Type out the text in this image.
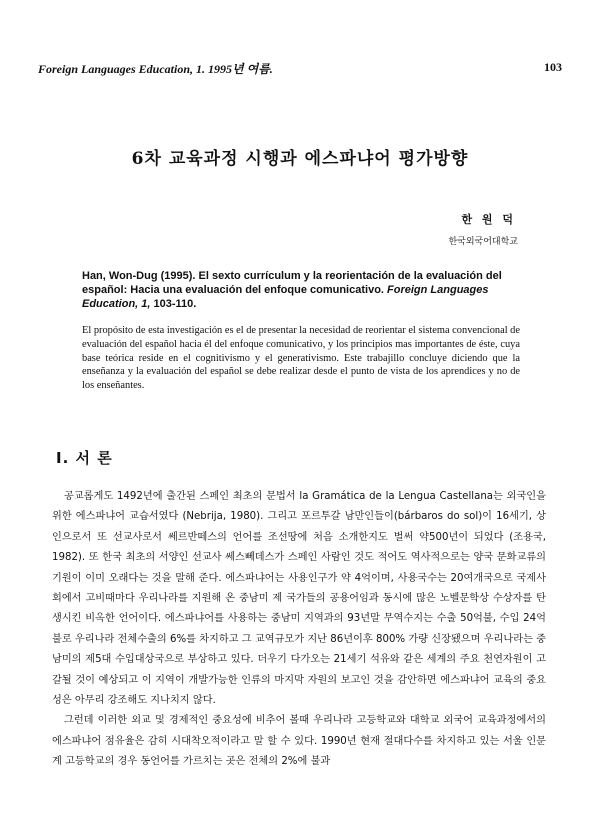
Foreign Languages Education, 1. 1995년 여름.	103
6차 교육과정 시행과 에스파냐어 평가방향
한 원 덕
한국외국어대학교
Han, Won-Dug (1995). El sexto currículum y la reorientación de la evaluación del español: Hacia una evaluación del enfoque comunicativo. Foreign Languages Education, 1, 103-110.
El propósito de esta investigación es el de presentar la necesidad de reorientar el sistema convencional de evaluación del español hacia él del enfoque comunicativo, y los principios mas importantes de éste, cuya base teórica reside en el cognitivismo y el generativismo. Este trabajillo concluye diciendo que la enseñanza y la evaluación del español se debe realizar desde el punto de vista de los aprendices y no de los enseñantes.
I. 서 론

공교롭게도 1492년에 출간된 스페인 최초의 문법서 la Gramática de la Lengua Castellana는 외국인을 위한 에스파냐어 교습서였다 (Nebrija, 1980). 그리고 포르투갈 남만인들이(bárbaros do sol)이 16세기, 상인으로서 또 선교사로서 쎄르반떼스의 언어를 조선땅에 처음 소개한지도 벌써 약500년이 되었다 (조용국, 1982). 또 한국 최초의 서양인 선교사 쎄스뻬데스가 스페인 사람인 것도 적어도 역사적으로는 양국 문화교류의 기원이 이미 오래다는 것을 말해 준다. 에스파냐어는 사용인구가 약 4억이며, 사용국수는 20여개국으로 국제사회에서 고비때마다 우리나라를 지원해 온 중남미 제 국가들의 공용어임과 동시에 많은 노벨문학상 수상자를 탄생시킨 비옥한 언어이다. 에스파냐어를 사용하는 중남미 지역과의 93년말 무역수지는 수출 50억불, 수입 24억불로 우리나라 전체수출의 6%를 차지하고 그 교역규모가 지난 86년이후 800% 가량 신장됐으며 우리나라는 중남미의 제5대 수입대상국으로 부상하고 있다. 더우기 다가오는 21세기 석유와 같은 세계의 주요 천연자원이 고갈될 것이 예상되고 이 지역이 개발가능한 인류의 마지막 자원의 보고인 것을 감안하면 에스파냐어 교육의 중요성은 아무리 강조해도 지나치지 않다.

그런데 이러한 외교 및 경제적인 중요성에 비추어 볼때 우리나라 고등학교와 대학교 외국어 교육과정에서의 에스파냐어 점유율은 감히 시대착오적이라고 말 할 수 있다. 1990년 현재 절대다수를 차지하고 있는 서울 인문계 고등학교의 경우 동언어를 가르치는 곳은 전체의 2%에 불과
